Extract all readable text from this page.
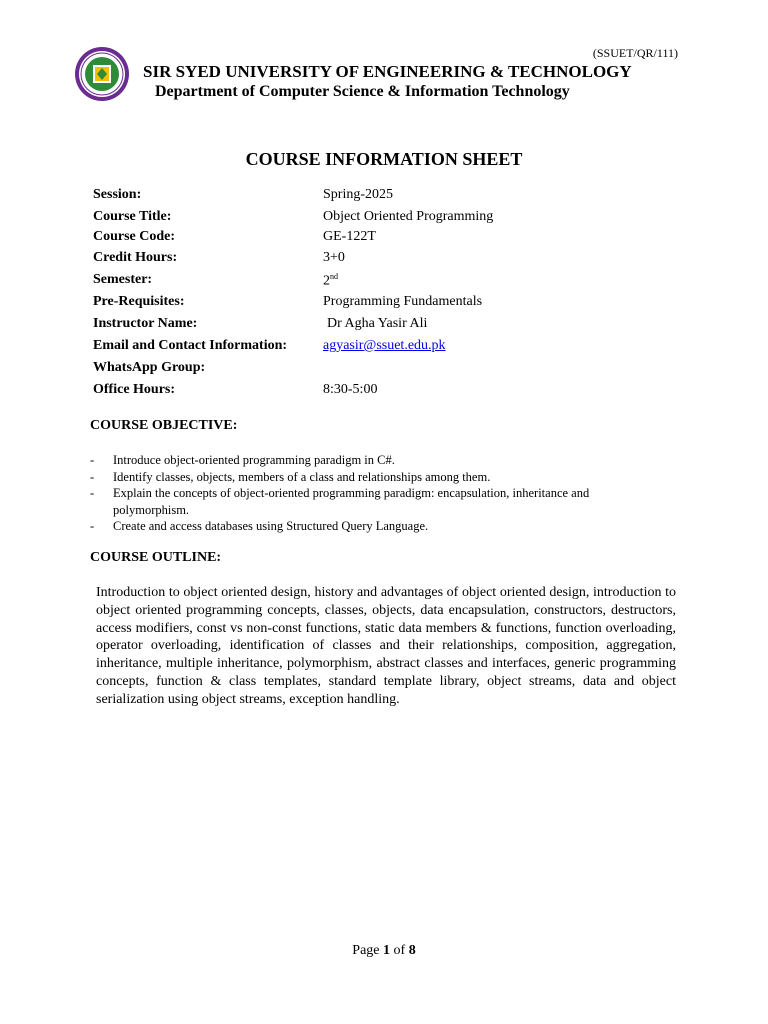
(SSUET/QR/111)
SIR SYED UNIVERSITY OF ENGINEERING & TECHNOLOGY
Department of Computer Science & Information Technology
COURSE INFORMATION SHEET
Session:	Spring-2025
Course Title:	Object Oriented Programming
Course Code:	GE-122T
Credit Hours:	3+0
Semester:	2nd
Pre-Requisites:	Programming Fundamentals
Instructor Name:	Dr Agha Yasir Ali
Email and Contact Information:	agyasir@ssuet.edu.pk
WhatsApp Group:
Office Hours:	8:30-5:00
COURSE OBJECTIVE:
- Introduce object-oriented programming paradigm in C#.
- Identify classes, objects, members of a class and relationships among them.
- Explain the concepts of object-oriented programming paradigm: encapsulation, inheritance and polymorphism.
- Create and access databases using Structured Query Language.
COURSE OUTLINE:

Introduction to object oriented design, history and advantages of object oriented design, introduction to object oriented programming concepts, classes, objects, data encapsulation, constructors, destructors, access modifiers, const vs non-const functions, static data members & functions, function overloading, operator overloading, identification of classes and their relationships, composition, aggregation, inheritance, multiple inheritance, polymorphism, abstract classes and interfaces, generic programming concepts, function & class templates, standard template library, object streams, data and object serialization using object streams, exception handling.

Page 1 of 8
